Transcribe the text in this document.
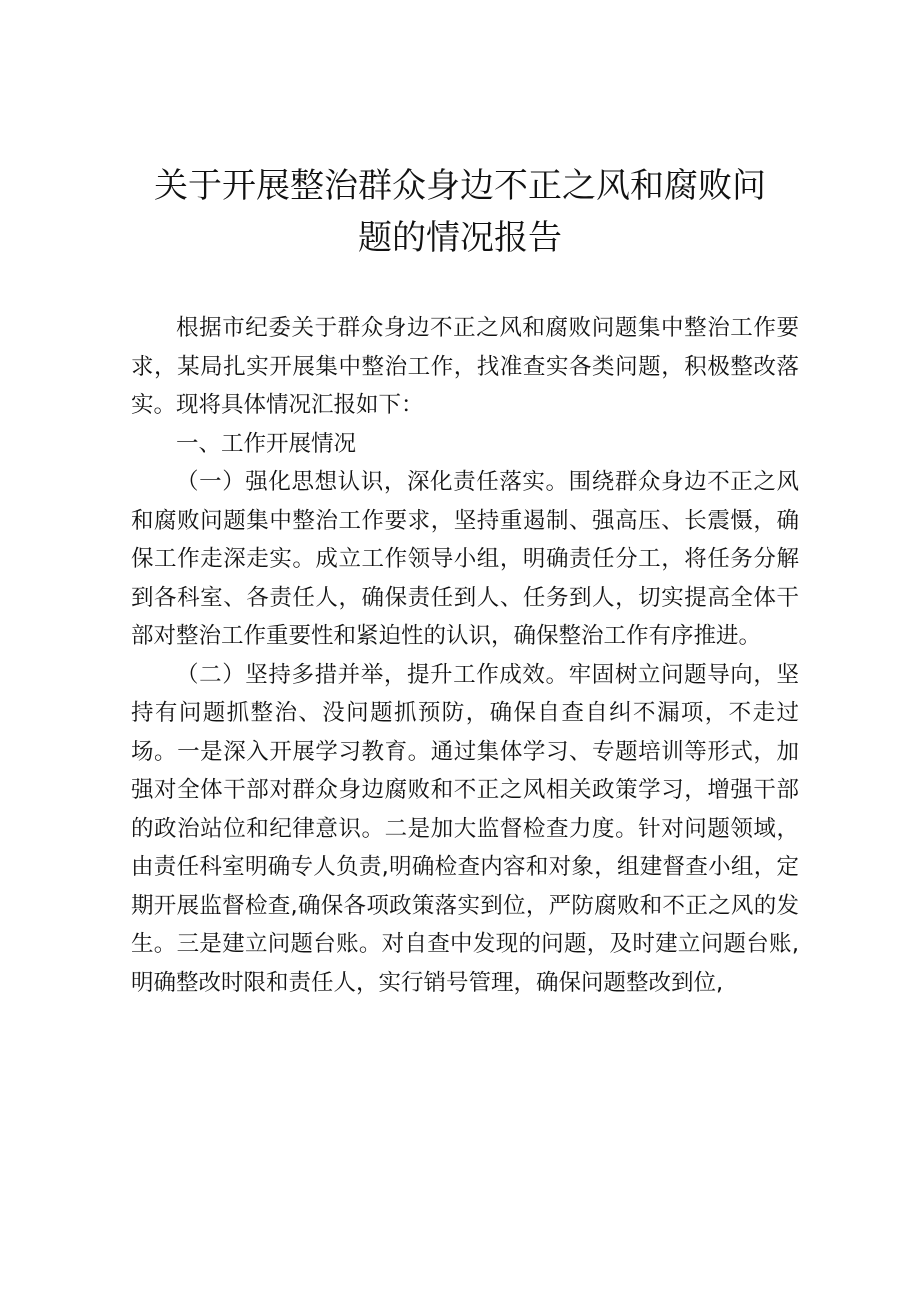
关于开展整治群众身边不正之风和腐败问
题的情况报告

根据市纪委关于群众身边不正之风和腐败问题集中整治工作要求，某局扎实开展集中整治工作，找准查实各类问题，积极整改落实。现将具体情况汇报如下：

一、工作开展情况

（一）强化思想认识，深化责任落实。围绕群众身边不正之风和腐败问题集中整治工作要求，坚持重遏制、强高压、长震慑，确保工作走深走实。成立工作领导小组，明确责任分工，将任务分解到各科室、各责任人，确保责任到人、任务到人，切实提高全体干部对整治工作重要性和紧迫性的认识，确保整治工作有序推进。

（二）坚持多措并举，提升工作成效。牢固树立问题导向，坚持有问题抓整治、没问题抓预防，确保自查自纠不漏项，不走过场。一是深入开展学习教育。通过集体学习、专题培训等形式，加强对全体干部对群众身边腐败和不正之风相关政策学习，增强干部的政治站位和纪律意识。二是加大监督检查力度。针对问题领域，由责任科室明确专人负责,明确检查内容和对象，组建督查小组，定期开展监督检查,确保各项政策落实到位，严防腐败和不正之风的发生。三是建立问题台账。对自查中发现的问题，及时建立问题台账,明确整改时限和责任人，实行销号管理，确保问题整改到位,
